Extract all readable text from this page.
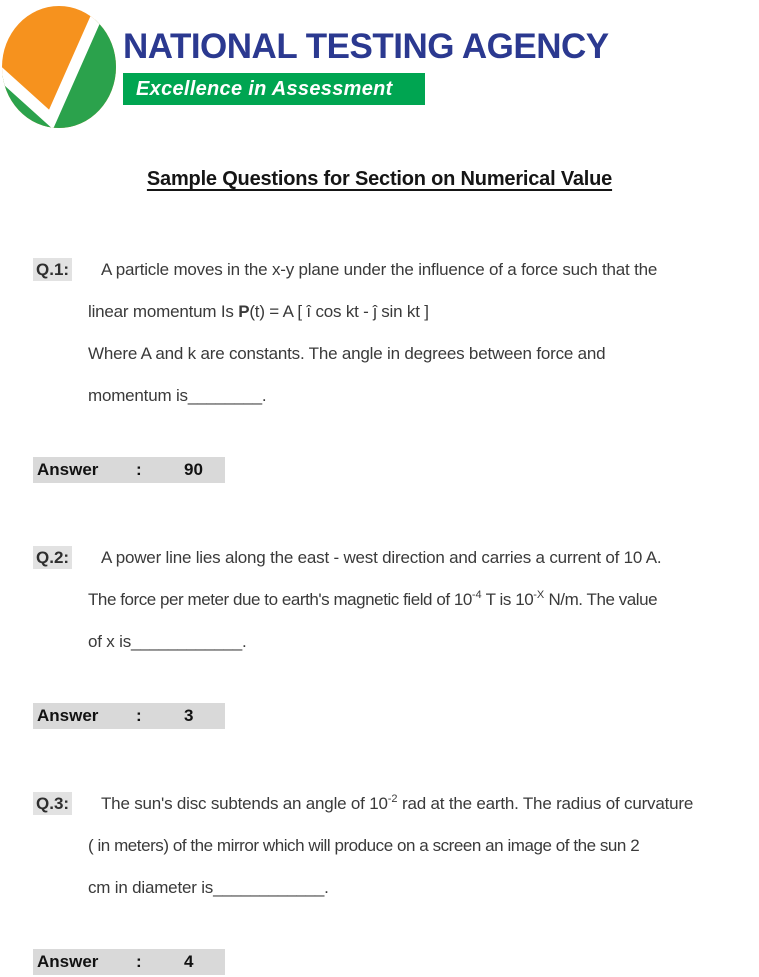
NATIONAL TESTING AGENCY
Excellence in Assessment
Sample Questions for Section on Numerical Value
Q.1:	A particle moves in the x-y plane under the influence of a force such that the
linear momentum Is P(t) = A [ î cos kt - ĵ sin kt ]
Where A and k are constants. The angle in degrees between force and
momentum is________.
Answer	:	90
Q.2:	A power line lies along the east - west direction and carries a current of 10 A.
The force per meter due to earth's magnetic field of $10^{-4}$ T is $10^{-X}$ N/m. The value
of x is____________.
Answer	:	3
Q.3:	The sun's disc subtends an angle of $10^{-2}$ rad at the earth. The radius of curvature
( in meters) of the mirror which will produce on a screen an image of the sun 2
cm in diameter is____________.
Answer	:	4
